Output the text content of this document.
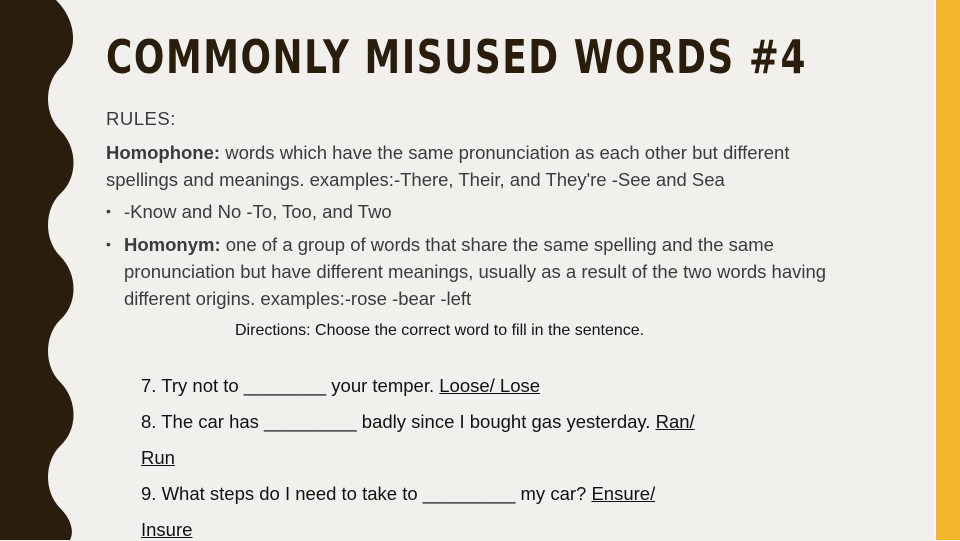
COMMONLY MISUSED WORDS #4
RULES:
Homophone: words which have the same pronunciation as each other but different
spellings and meanings. examples:-There, Their, and They're -See and Sea
• -Know and No -To, Too, and Two
• Homonym: one of a group of words that share the same spelling and the same
pronunciation but have different meanings, usually as a result of the two words having
different origins. examples:-rose -bear -left
Directions: Choose the correct word to fill in the sentence.
7. Try not to ________ your temper. Loose/ Lose
8. The car has _________ badly since I bought gas yesterday. Ran/
Run
9. What steps do I need to take to _________ my car? Ensure/
Insure
